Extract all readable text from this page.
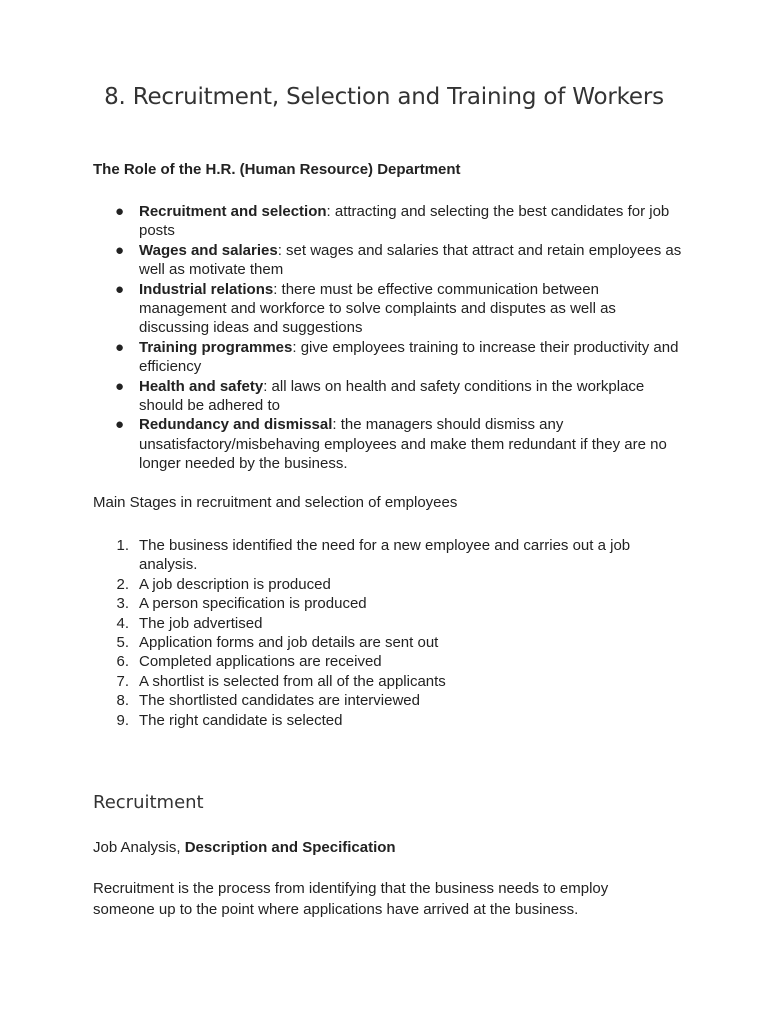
8. Recruitment, Selection and Training of Workers

The Role of the H.R. (Human Resource) Department

● Recruitment and selection: attracting and selecting the best candidates for job posts
● Wages and salaries: set wages and salaries that attract and retain employees as well as motivate them
● Industrial relations: there must be effective communication between management and workforce to solve complaints and disputes as well as discussing ideas and suggestions
● Training programmes: give employees training to increase their productivity and efficiency
● Health and safety: all laws on health and safety conditions in the workplace should be adhered to
● Redundancy and dismissal: the managers should dismiss any unsatisfactory/misbehaving employees and make them redundant if they are no longer needed by the business.

Main Stages in recruitment and selection of employees

1. The business identified the need for a new employee and carries out a job analysis.
2. A job description is produced
3. A person specification is produced
4. The job advertised
5. Application forms and job details are sent out
6. Completed applications are received
7. A shortlist is selected from all of the applicants
8. The shortlisted candidates are interviewed
9. The right candidate is selected
Recruitment

Job Analysis, Description and Specification

Recruitment is the process from identifying that the business needs to employ someone up to the point where applications have arrived at the business.
